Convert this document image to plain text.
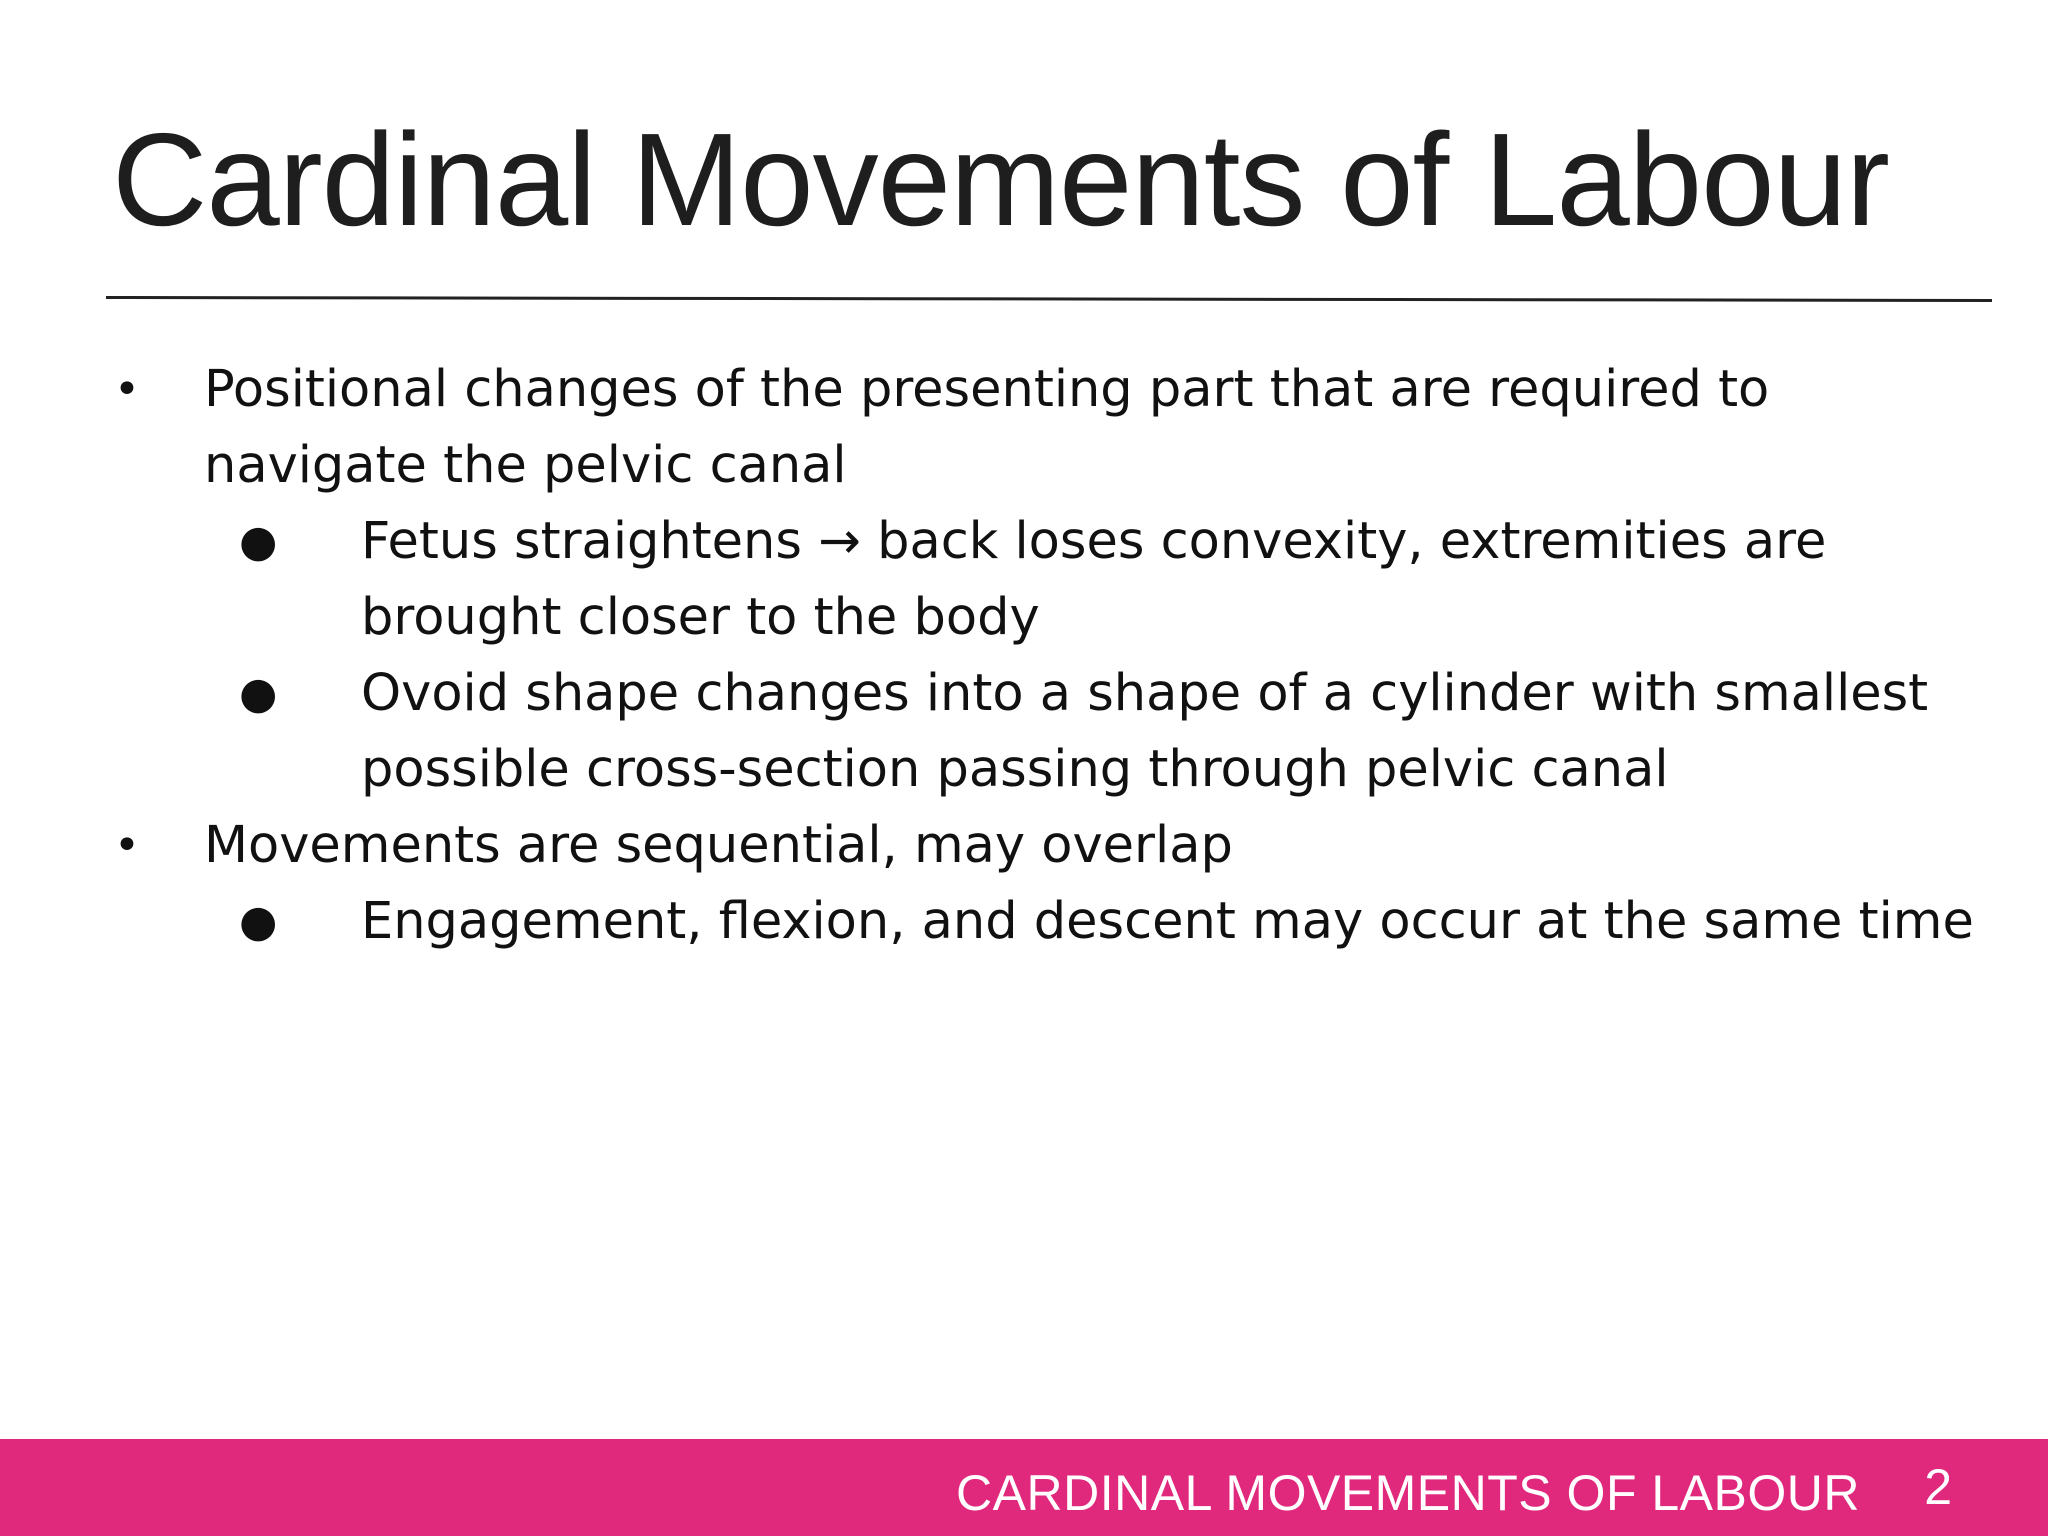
Cardinal Movements of Labour
• Positional changes of the presenting part that are required to
navigate the pelvic canal
● Fetus straightens → back loses convexity, extremities are
brought closer to the body
● Ovoid shape changes into a shape of a cylinder with smallest
possible cross-section passing through pelvic canal
• Movements are sequential, may overlap
● Engagement, flexion, and descent may occur at the same time
CARDINAL MOVEMENTS OF LABOUR 2
